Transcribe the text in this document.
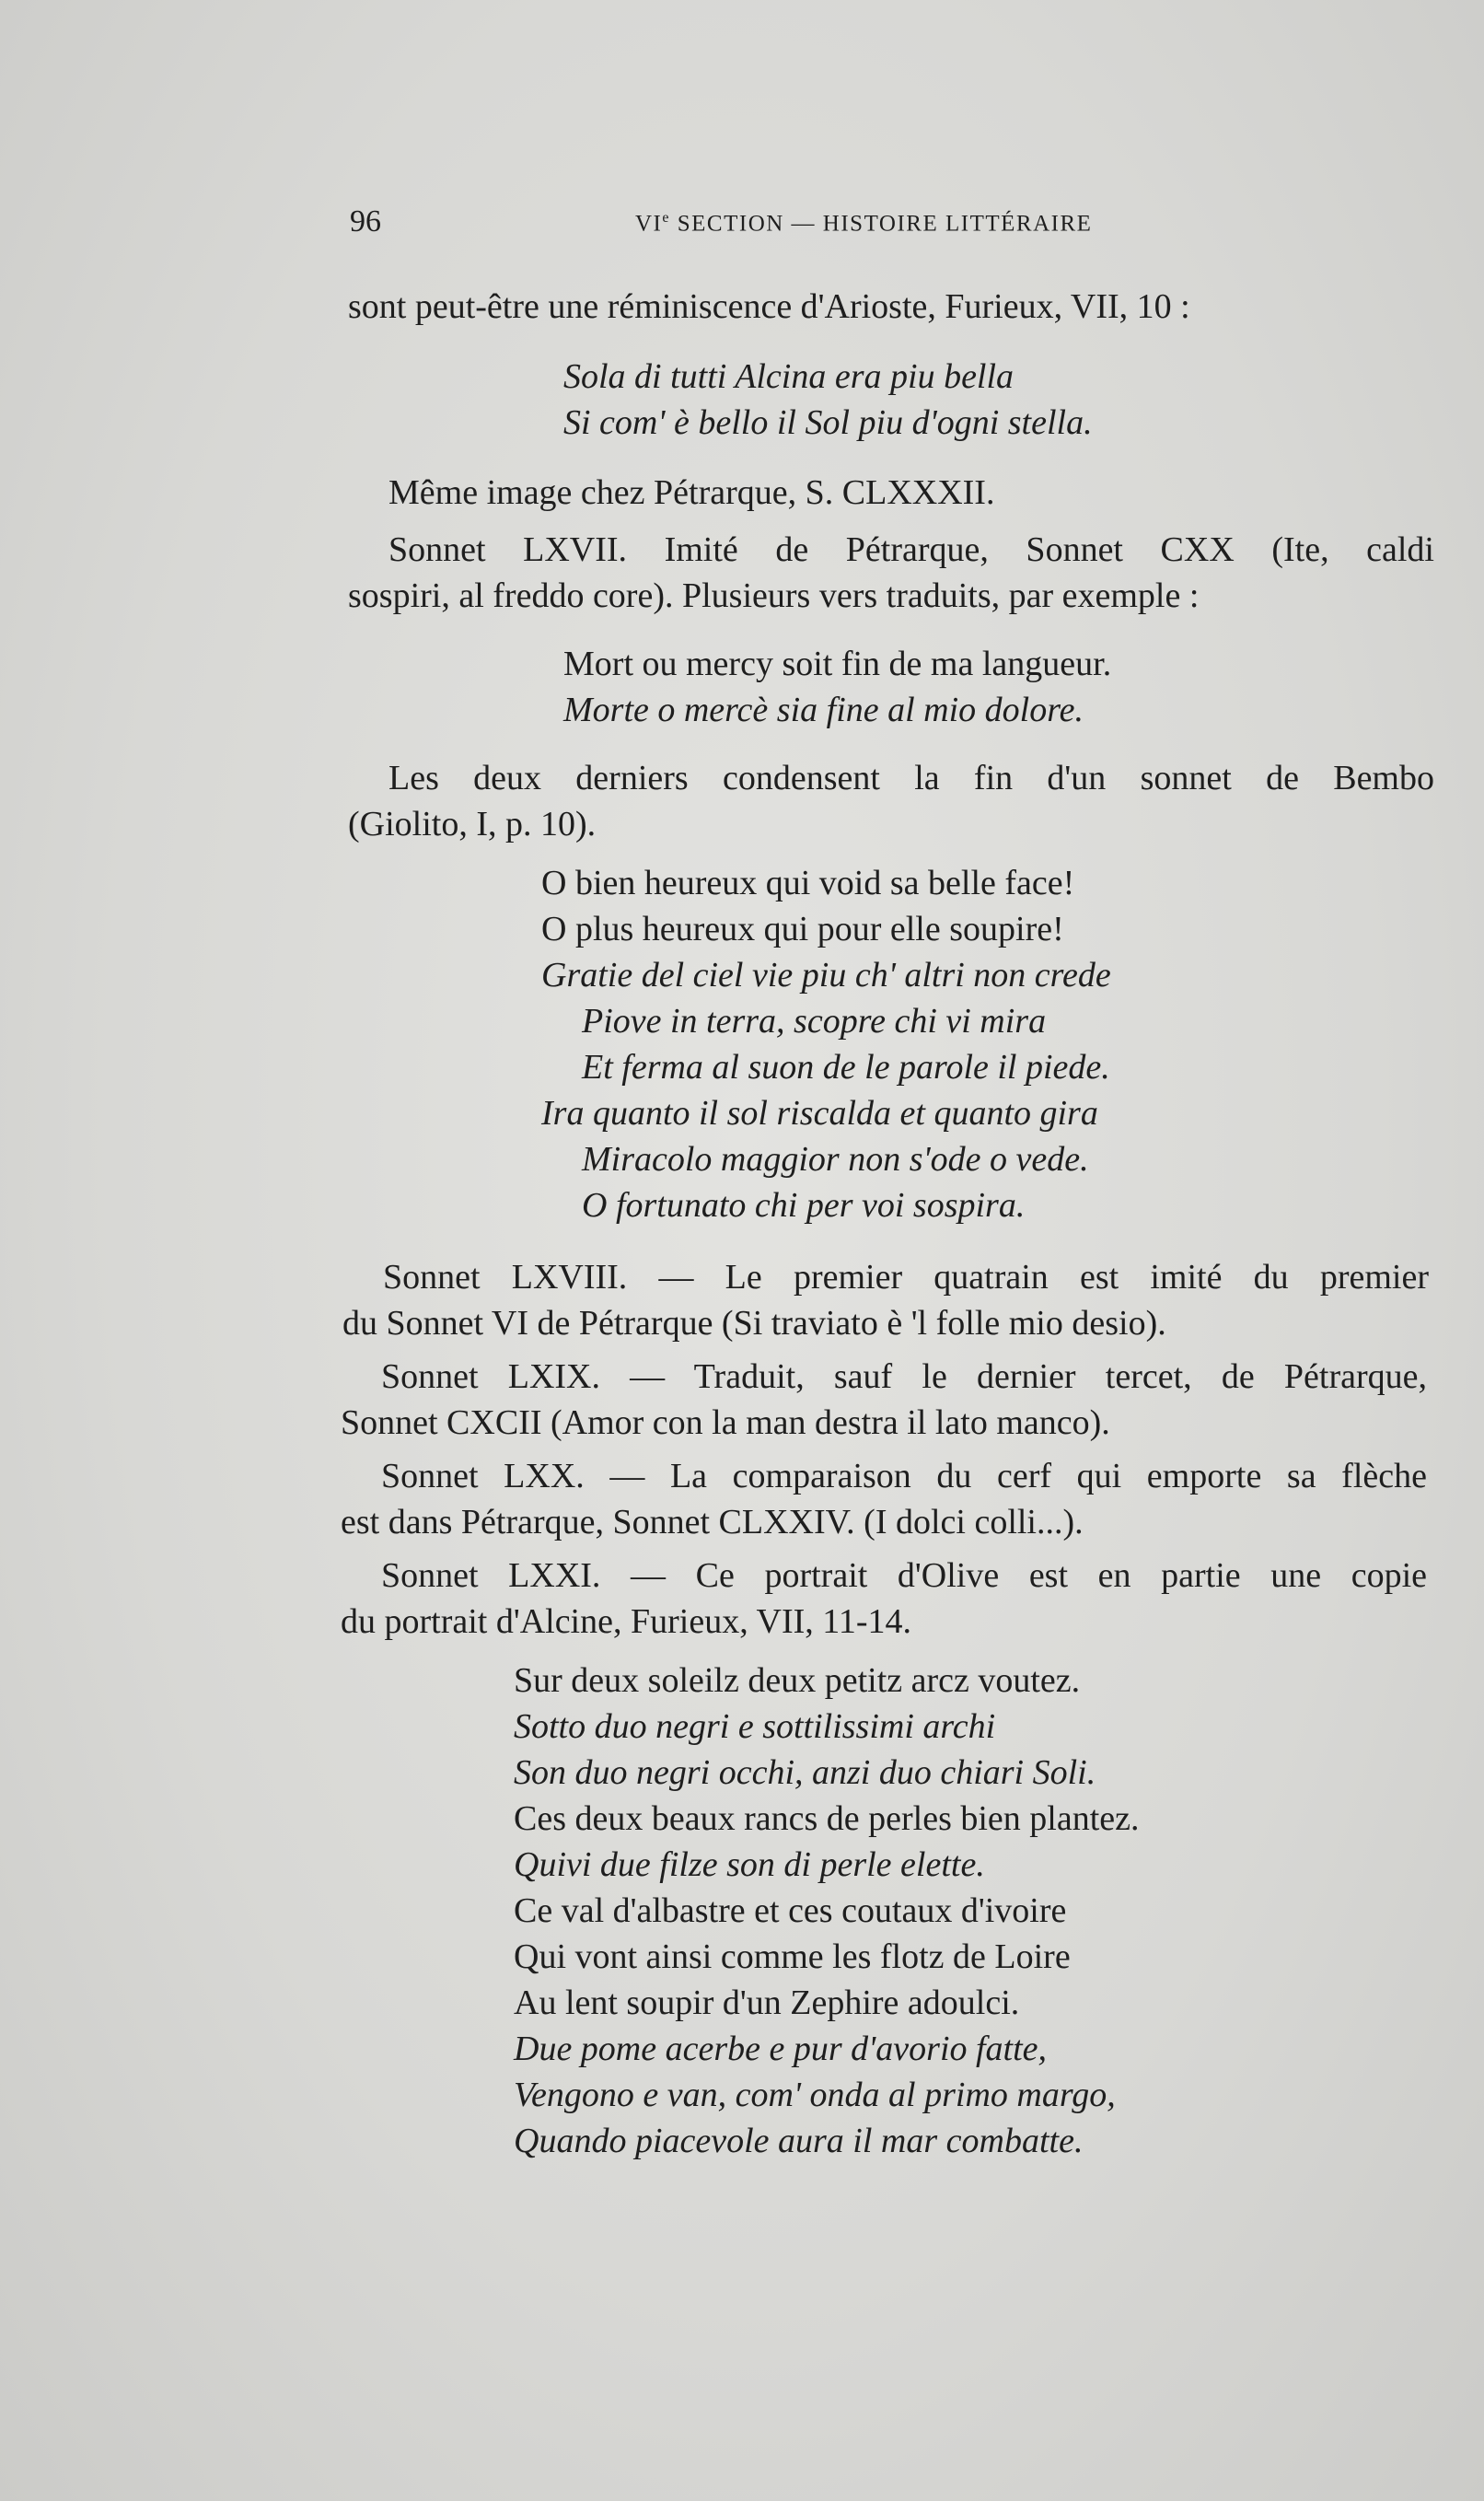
96	VIe SECTION — HISTOIRE LITTÉRAIRE
sont peut-être une réminiscence d'Arioste, Furieux, VII, 10 :
Sola di tutti Alcina era piu bella
Si com' è bello il Sol piu d'ogni stella.
Même image chez Pétrarque, S. CLXXXII.
Sonnet LXVII. Imité de Pétrarque, Sonnet CXX (Ite, caldi
sospiri, al freddo core). Plusieurs vers traduits, par exemple :
Mort ou mercy soit fin de ma langueur.
Morte o mercè sia fine al mio dolore.
Les deux derniers condensent la fin d'un sonnet de Bembo
(Giolito, I, p. 10).
O bien heureux qui void sa belle face!
O plus heureux qui pour elle soupire!
Gratie del ciel vie piu ch' altri non crede
Piove in terra, scopre chi vi mira
Et ferma al suon de le parole il piede.
Ira quanto il sol riscalda et quanto gira
Miracolo maggior non s'ode o vede.
O fortunato chi per voi sospira.
Sonnet LXVIII. — Le premier quatrain est imité du premier
du Sonnet VI de Pétrarque (Si traviato è 'l folle mio desio).
Sonnet LXIX. — Traduit, sauf le dernier tercet, de Pétrarque,
Sonnet CXCII (Amor con la man destra il lato manco).
Sonnet LXX. — La comparaison du cerf qui emporte sa flèche
est dans Pétrarque, Sonnet CLXXIV. (I dolci colli...).
Sonnet LXXI. — Ce portrait d'Olive est en partie une copie
du portrait d'Alcine, Furieux, VII, 11-14.
Sur deux soleilz deux petitz arcz voutez.
Sotto duo negri e sottilissimi archi
Son duo negri occhi, anzi duo chiari Soli.
Ces deux beaux rancs de perles bien plantez.
Quivi due filze son di perle elette.
Ce val d'albastre et ces coutaux d'ivoire
Qui vont ainsi comme les flotz de Loire
Au lent soupir d'un Zephire adoulci.
Due pome acerbe e pur d'avorio fatte,
Vengono e van, com' onda al primo margo,
Quando piacevole aura il mar combatte.
